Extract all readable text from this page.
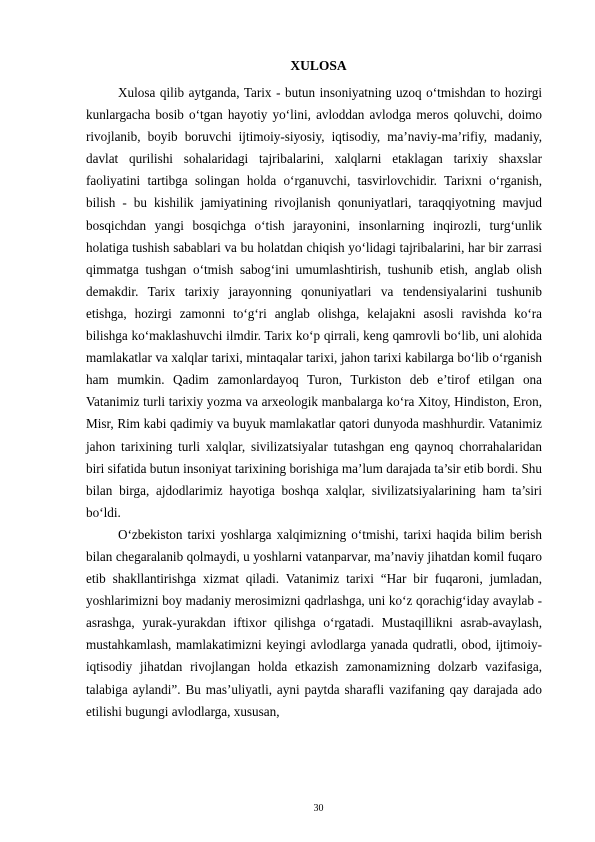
XULOSA

Xulosa qilib aytganda, Tarix - butun insoniyatning uzoq o‘tmishdan to hozirgi kunlargacha bosib o‘tgan hayotiy yo‘lini, avloddan avlodga meros qoluvchi, doimo rivojlanib, boyib boruvchi ijtimoiy-siyosiy, iqtisodiy, ma’naviy-ma’rifiy, madaniy, davlat qurilishi sohalaridagi tajribalarini, xalqlarni etaklagan tarixiy shaxslar faoliyatini tartibga solingan holda o‘rganuvchi, tasvirlovchidir. Tarixni o‘rganish, bilish - bu kishilik jamiyatining rivojlanish qonuniyatlari, taraqqiyotning mavjud bosqichdan yangi bosqichga o‘tish jarayonini, insonlarning inqirozli, turg‘unlik holatiga tushish sabablari va bu holatdan chiqish yo‘lidagi tajribalarini, har bir zarrasi qimmatga tushgan o‘tmish sabog‘ini umumlashtirish, tushunib etish, anglab olish demakdir. Tarix tarixiy jarayonning qonuniyatlari va tendensiyalarini tushunib etishga, hozirgi zamonni to‘g‘ri anglab olishga, kelajakni asosli ravishda ko‘ra bilishga ko‘maklashuvchi ilmdir. Tarix ko‘p qirrali, keng qamrovli bo‘lib, uni alohida mamlakatlar va xalqlar tarixi, mintaqalar tarixi, jahon tarixi kabilarga bo‘lib o‘rganish ham mumkin. Qadim zamonlardayoq Turon, Turkiston deb e’tirof etilgan ona Vatanimiz turli tarixiy yozma va arxeologik manbalarga ko‘ra Xitoy, Hindiston, Eron, Misr, Rim kabi qadimiy va buyuk mamlakatlar qatori dunyoda mashhurdir. Vatanimiz jahon tarixining turli xalqlar, sivilizatsiyalar tutashgan eng qaynoq chorrahalaridan biri sifatida butun insoniyat tarixining borishiga ma’lum darajada ta’sir etib bordi. Shu bilan birga, ajdodlarimiz hayotiga boshqa xalqlar, sivilizatsiyalarining ham ta’siri bo‘ldi.

O‘zbekiston tarixi yoshlarga xalqimizning o‘tmishi, tarixi haqida bilim berish bilan chegaralanib qolmaydi, u yoshlarni vatanparvar, ma’naviy jihatdan komil fuqaro etib shakllantirishga xizmat qiladi. Vatanimiz tarixi “Har bir fuqaroni, jumladan, yoshlarimizni boy madaniy merosimizni qadrlashga, uni ko‘z qorachig‘iday avaylab - asrashga, yurak-yurakdan iftixor qilishga o‘rgatadi. Mustaqillikni asrab-avaylash, mustahkamlash, mamlakatimizni keyingi avlodlarga yanada qudratli, obod, ijtimoiy-iqtisodiy jihatdan rivojlangan holda etkazish zamonamizning dolzarb vazifasiga, talabiga aylandi”. Bu mas’uliyatli, ayni paytda sharafli vazifaning qay darajada ado etilishi bugungi avlodlarga, xususan,

30
